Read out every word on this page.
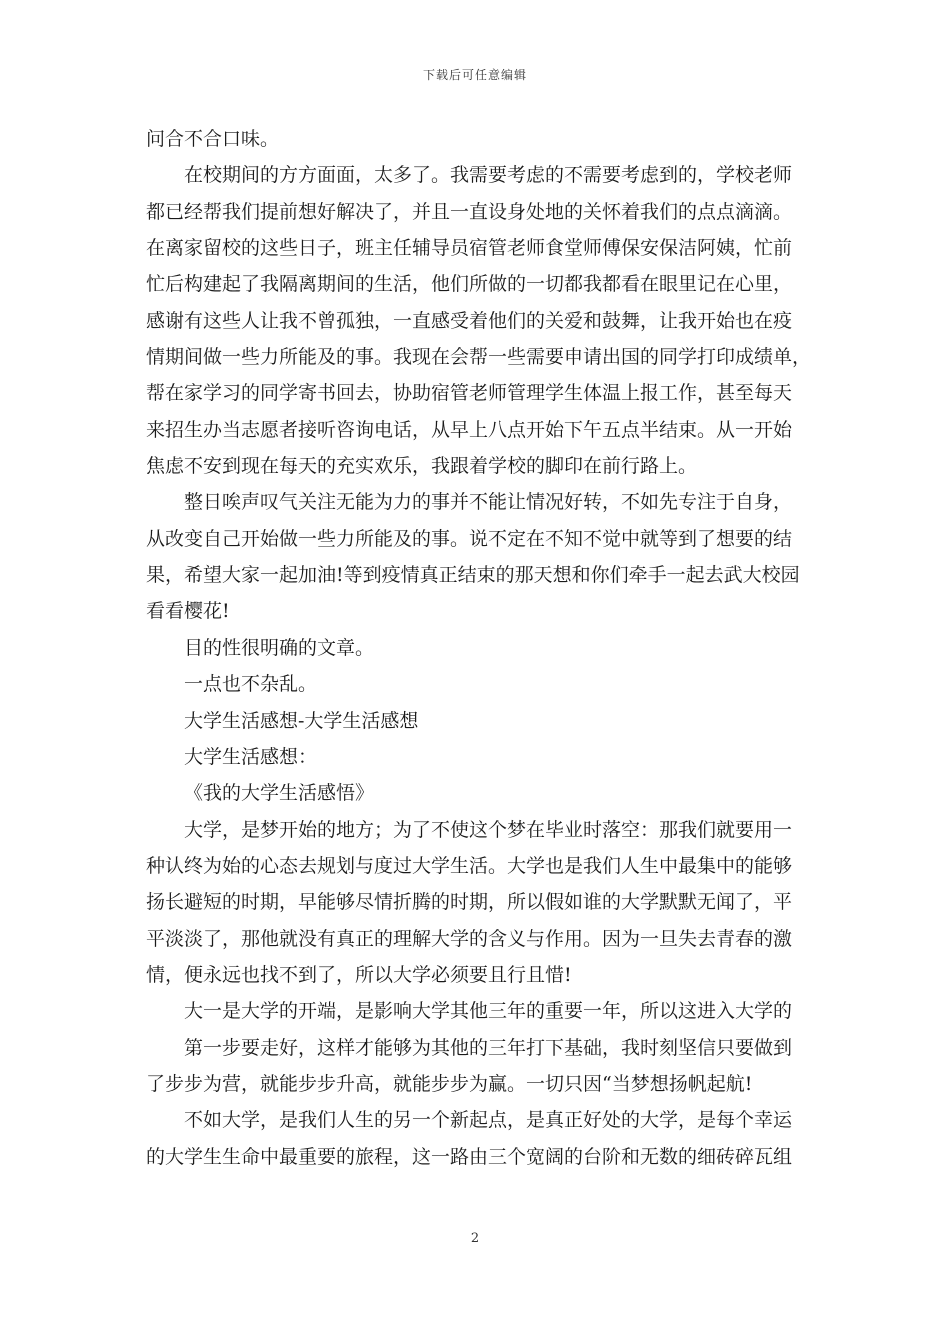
下载后可任意编辑
问合不合口味。
在校期间的方方面面，太多了。我需要考虑的不需要考虑到的，学校老师
都已经帮我们提前想好解决了，并且一直设身处地的关怀着我们的点点滴滴。
在离家留校的这些日子，班主任辅导员宿管老师食堂师傅保安保洁阿姨，忙前
忙后构建起了我隔离期间的生活，他们所做的一切都我都看在眼里记在心里，
感谢有这些人让我不曾孤独，一直感受着他们的关爱和鼓舞，让我开始也在疫
情期间做一些力所能及的事。我现在会帮一些需要申请出国的同学打印成绩单，
帮在家学习的同学寄书回去，协助宿管老师管理学生体温上报工作，甚至每天
来招生办当志愿者接听咨询电话，从早上八点开始下午五点半结束。从一开始
焦虑不安到现在每天的充实欢乐，我跟着学校的脚印在前行路上。
整日唉声叹气关注无能为力的事并不能让情况好转，不如先专注于自身，
从改变自己开始做一些力所能及的事。说不定在不知不觉中就等到了想要的结
果，希望大家一起加油!等到疫情真正结束的那天想和你们牵手一起去武大校园
看看樱花!
目的性很明确的文章。
一点也不杂乱。
大学生活感想-大学生活感想
大学生活感想：
《我的大学生活感悟》
大学，是梦开始的地方；为了不使这个梦在毕业时落空：那我们就要用一
种认终为始的心态去规划与度过大学生活。大学也是我们人生中最集中的能够
扬长避短的时期，早能够尽情折腾的时期，所以假如谁的大学默默无闻了，平
平淡淡了，那他就没有真正的理解大学的含义与作用。因为一旦失去青春的激
情，便永远也找不到了，所以大学必须要且行且惜!
大一是大学的开端，是影响大学其他三年的重要一年，所以这进入大学的
第一步要走好，这样才能够为其他的三年打下基础，我时刻坚信只要做到
了步步为营，就能步步升高，就能步步为赢。一切只因“当梦想扬帆起航!
不如大学，是我们人生的另一个新起点，是真正好处的大学，是每个幸运
的大学生生命中最重要的旅程，这一路由三个宽阔的台阶和无数的细砖碎瓦组
2
